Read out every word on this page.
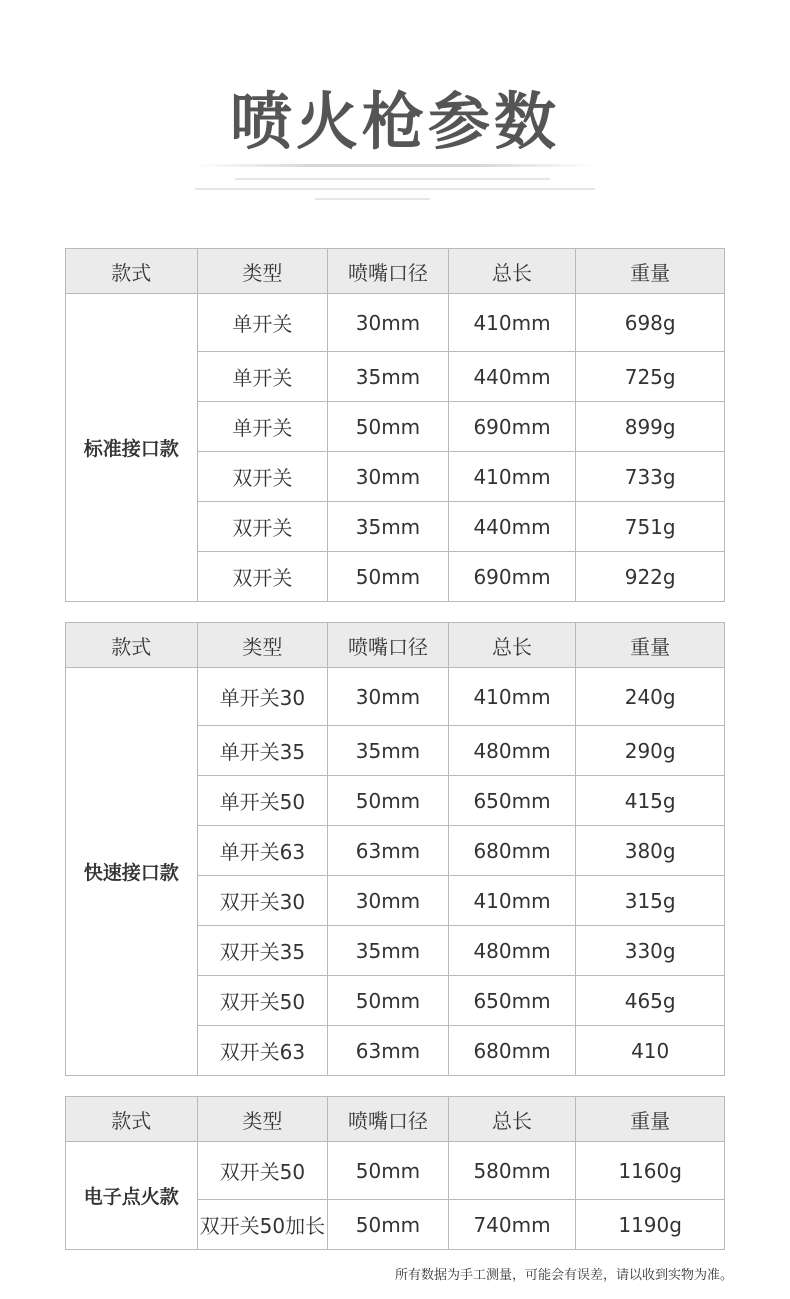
喷火枪参数
款式	类型	喷嘴口径	总长	重量
标准接口款	单开关	30mm	410mm	698g
	单开关	35mm	440mm	725g
	单开关	50mm	690mm	899g
	双开关	30mm	410mm	733g
	双开关	35mm	440mm	751g
	双开关	50mm	690mm	922g
款式	类型	喷嘴口径	总长	重量
快速接口款	单开关30	30mm	410mm	240g
	单开关35	35mm	480mm	290g
	单开关50	50mm	650mm	415g
	单开关63	63mm	680mm	380g
	双开关30	30mm	410mm	315g
	双开关35	35mm	480mm	330g
	双开关50	50mm	650mm	465g
	双开关63	63mm	680mm	410
款式	类型	喷嘴口径	总长	重量
电子点火款	双开关50	50mm	580mm	1160g
	双开关50加长	50mm	740mm	1190g
所有数据为手工测量，可能会有误差，请以收到实物为准。
